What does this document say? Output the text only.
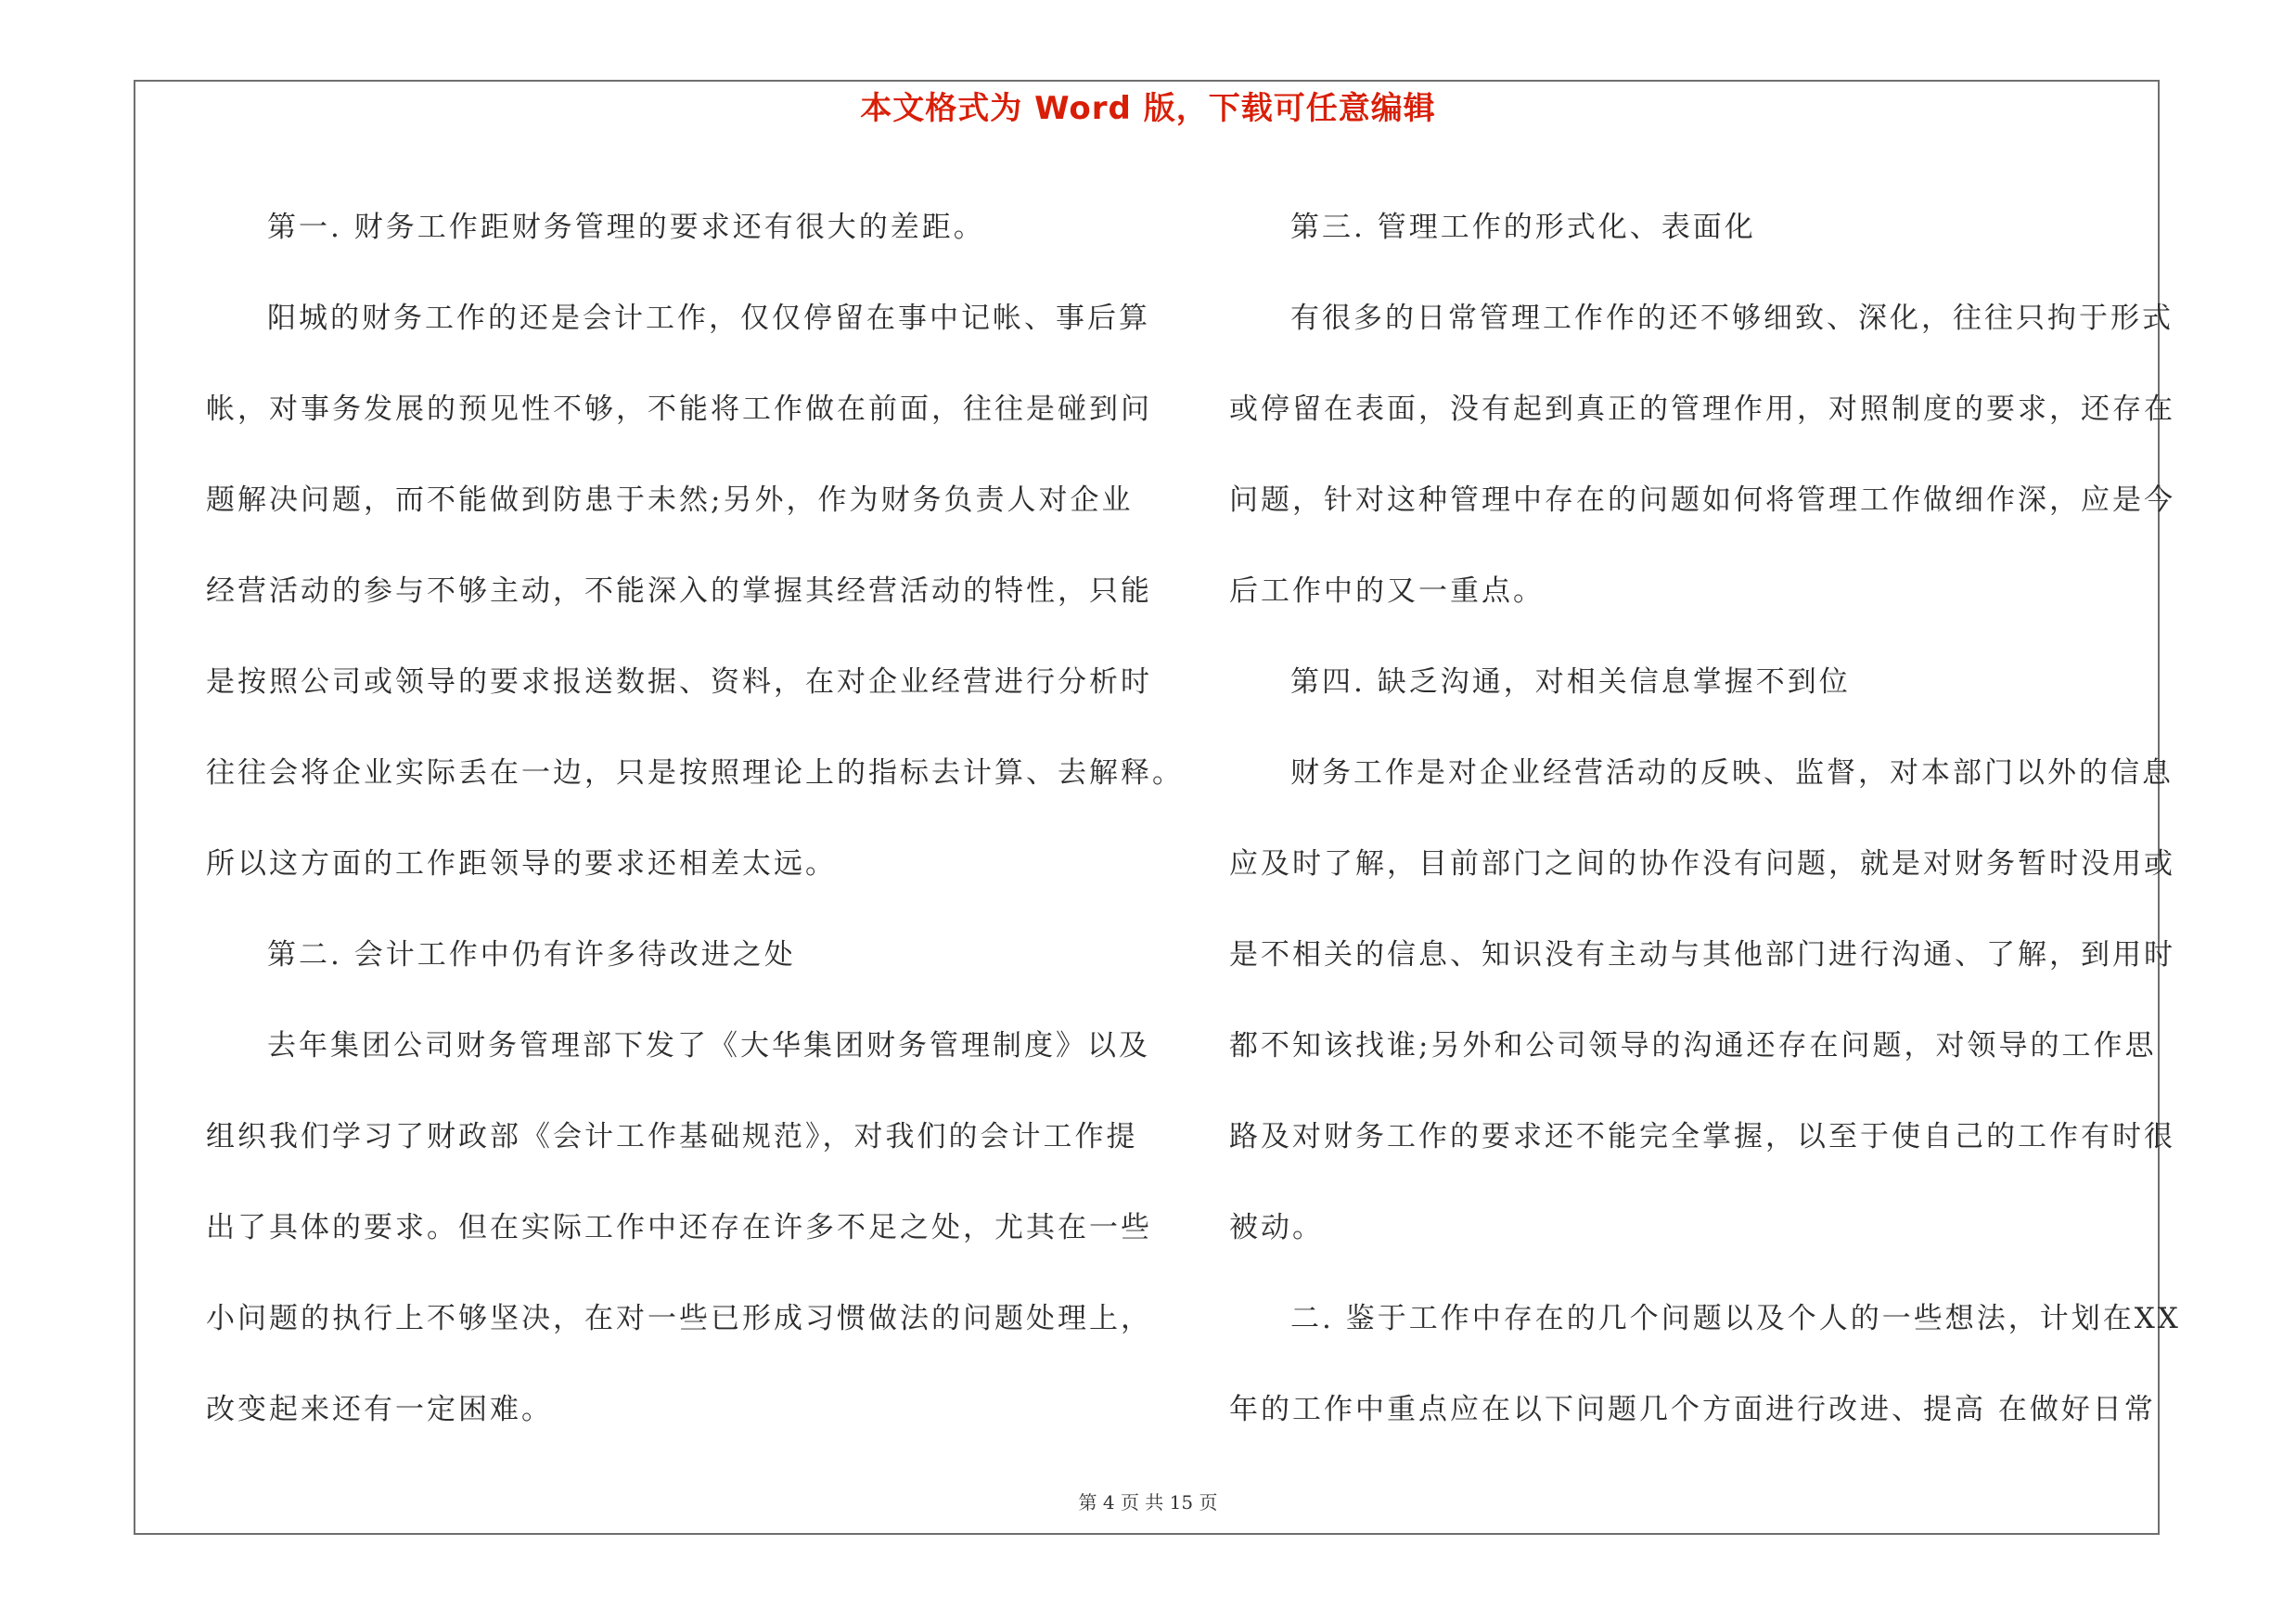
本文格式为 Word 版，下载可任意编辑

第一. 财务工作距财务管理的要求还有很大的差距。

阳城的财务工作的还是会计工作，仅仅停留在事中记帐、事后算
帐，对事务发展的预见性不够，不能将工作做在前面，往往是碰到问
题解决问题，而不能做到防患于未然;另外，作为财务负责人对企业
经营活动的参与不够主动，不能深入的掌握其经营活动的特性，只能
是按照公司或领导的要求报送数据、资料，在对企业经营进行分析时
往往会将企业实际丢在一边，只是按照理论上的指标去计算、去解释。
所以这方面的工作距领导的要求还相差太远。

第二. 会计工作中仍有许多待改进之处

去年集团公司财务管理部下发了《大华集团财务管理制度》以及
组织我们学习了财政部《会计工作基础规范》，对我们的会计工作提
出了具体的要求。但在实际工作中还存在许多不足之处，尤其在一些
小问题的执行上不够坚决，在对一些已形成习惯做法的问题处理上，
改变起来还有一定困难。

第三. 管理工作的形式化、表面化

有很多的日常管理工作作的还不够细致、深化，往往只拘于形式
或停留在表面，没有起到真正的管理作用，对照制度的要求，还存在
问题，针对这种管理中存在的问题如何将管理工作做细作深，应是今
后工作中的又一重点。

第四. 缺乏沟通，对相关信息掌握不到位

财务工作是对企业经营活动的反映、监督，对本部门以外的信息
应及时了解，目前部门之间的协作没有问题，就是对财务暂时没用或
是不相关的信息、知识没有主动与其他部门进行沟通、了解，到用时
都不知该找谁;另外和公司领导的沟通还存在问题，对领导的工作思
路及对财务工作的要求还不能完全掌握，以至于使自己的工作有时很
被动。

二. 鉴于工作中存在的几个问题以及个人的一些想法，计划在XX
年的工作中重点应在以下问题几个方面进行改进、提高 在做好日常

第 4 页 共 15 页
